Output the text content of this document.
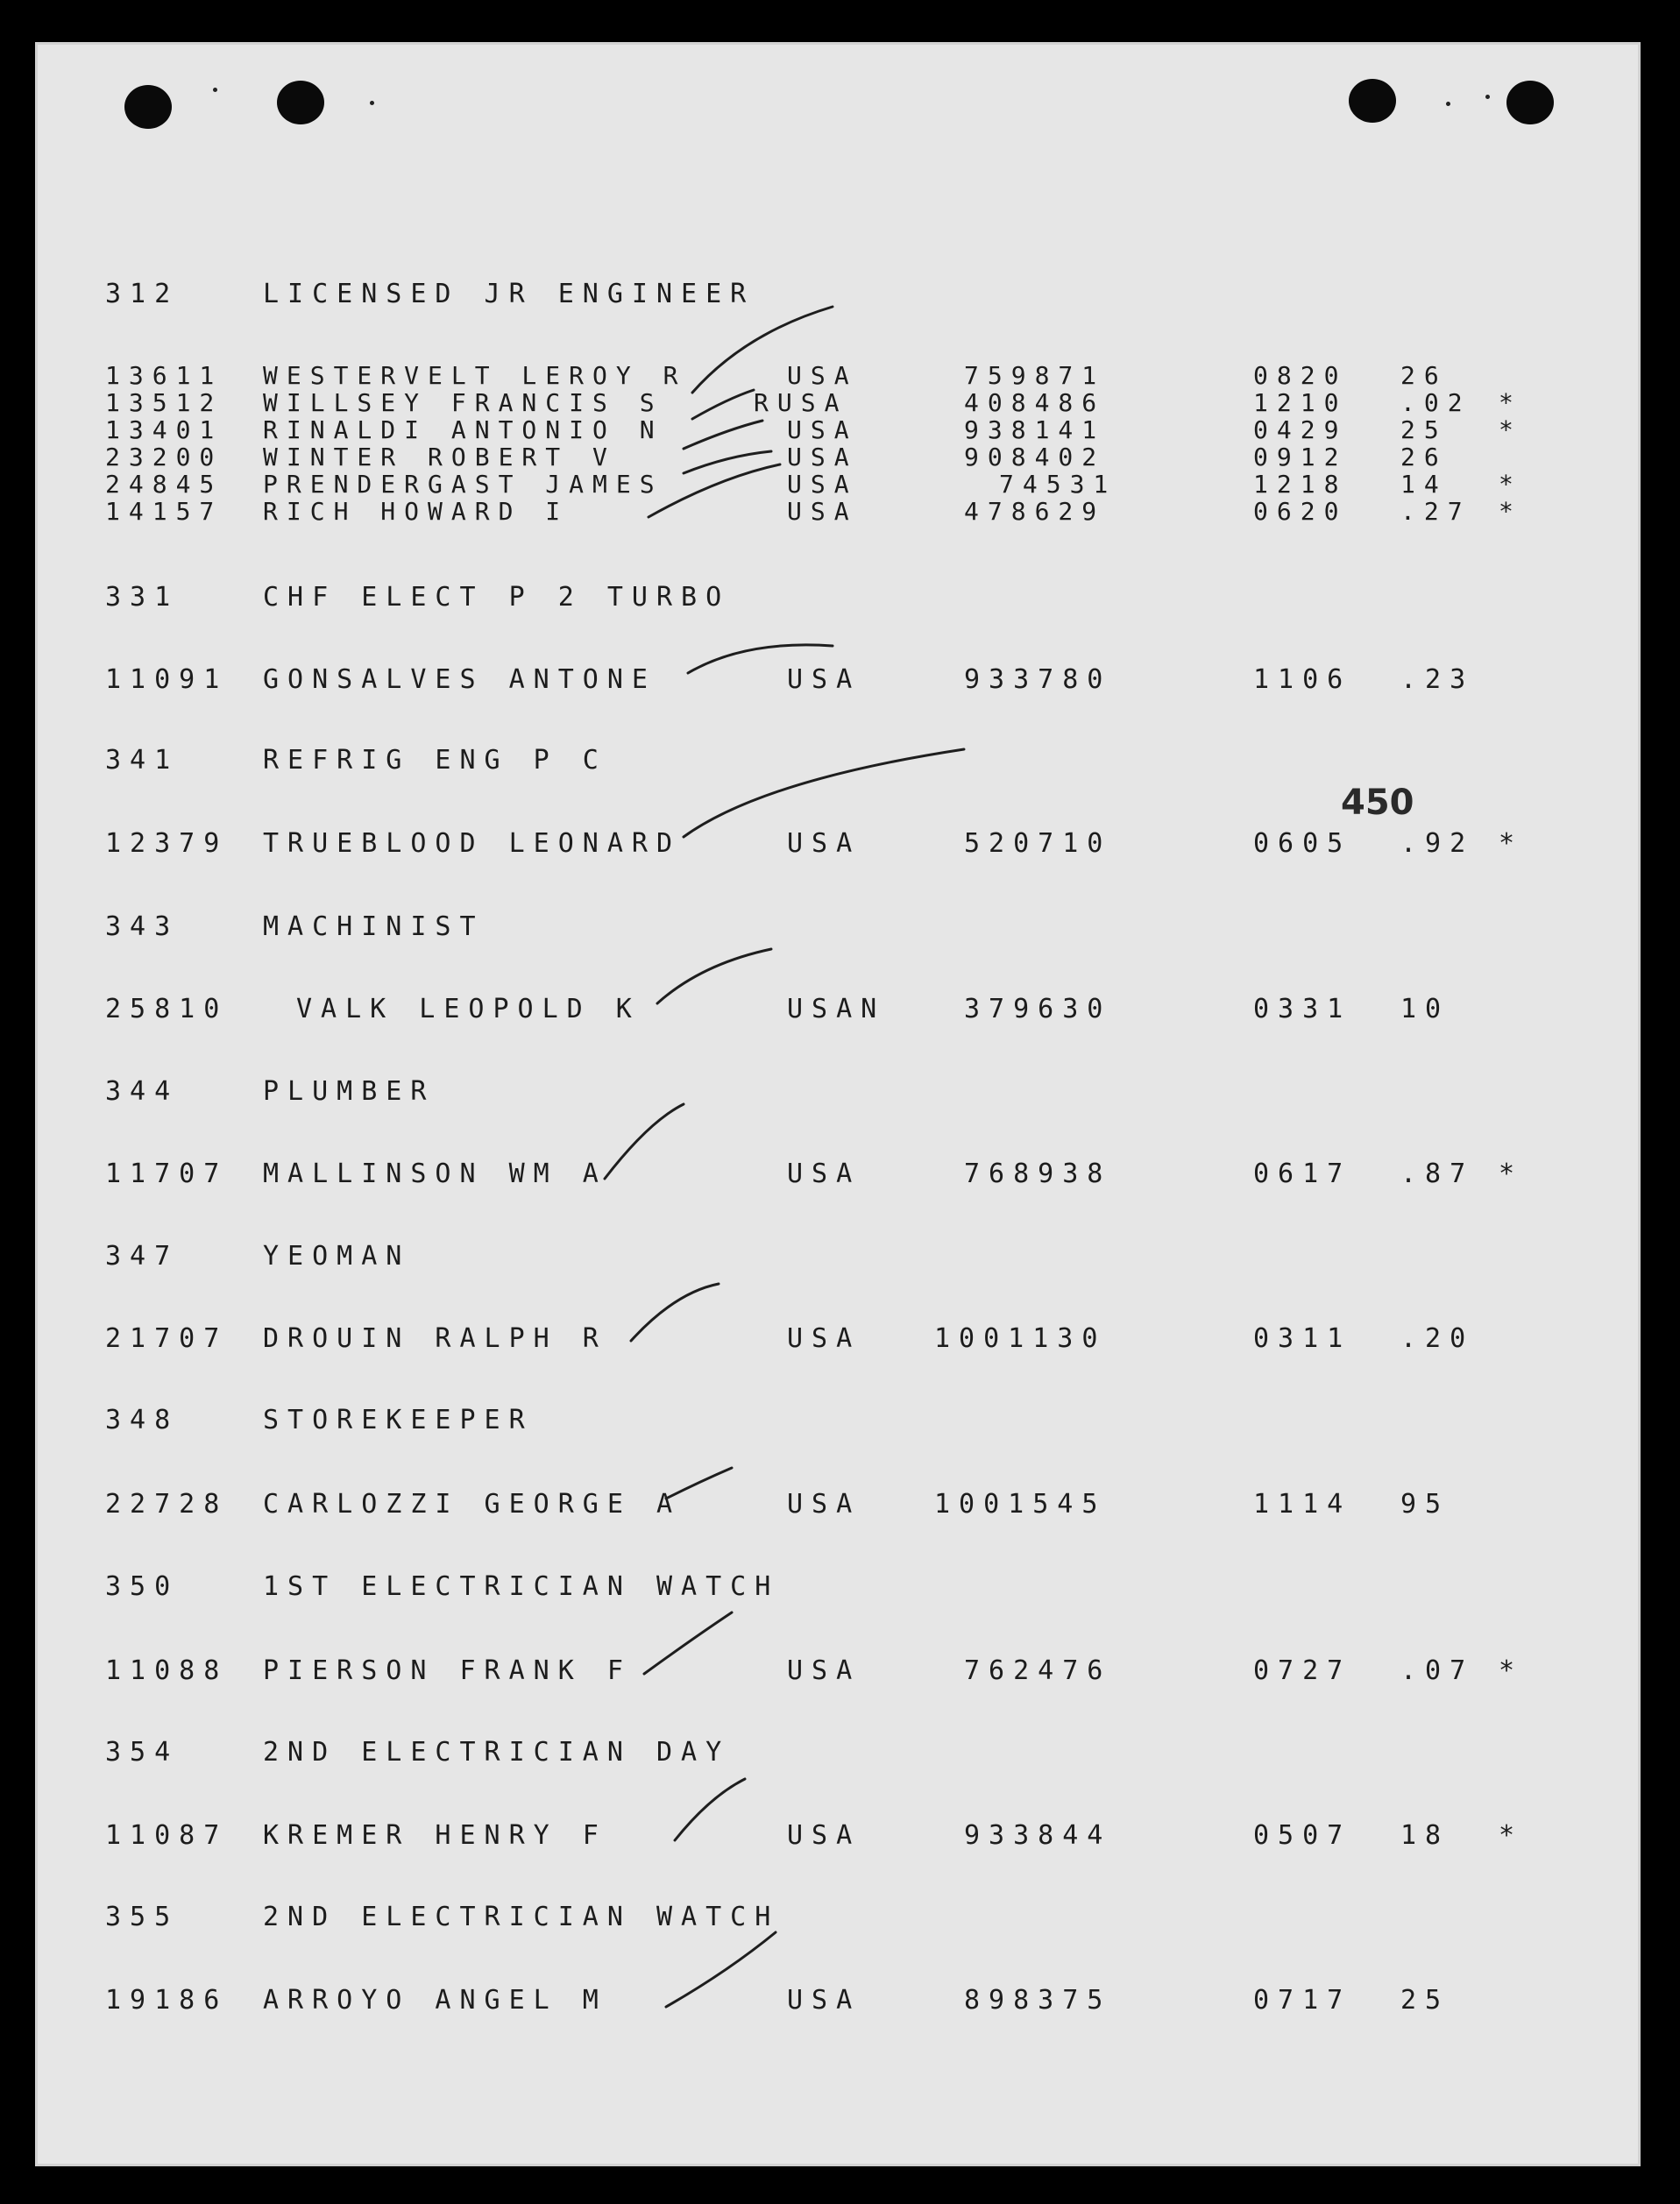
312	LICENSED JR ENGINEER
13611 WESTERVELT LEROY R	USA	759871	0820 26
13512 WILLSEY FRANCIS S	RUSA	408486	1210 .02 *
13401 RINALDI ANTONIO N	USA	938141	0429 25 *
23200 WINTER ROBERT V	USA	908402	0912 26
24845 PRENDERGAST JAMES	USA	74531	1218 14 *
14157 RICH HOWARD I	USA	478629	0620 .27 *
331	CHF ELECT P 2 TURBO
11091 GONSALVES ANTONE	USA	933780	1106 .23
341	REFRIG ENG P C
450
12379 TRUEBLOOD LEONARD	USA	520710	0605 .92 *
343	MACHINIST
25810	VALK LEOPOLD K	USAN	379630	0331 10
344	PLUMBER
11707 MALLINSON WM A	USA	768938	0617 .87 *
347	YEOMAN
21707 DROUIN RALPH R	USA	1001130	0311 .20
348	STOREKEEPER
22728 CARLOZZI GEORGE A	USA	1001545	1114 95
350	1ST ELECTRICIAN WATCH
11088 PIERSON FRANK F	USA	762476	0727 .07 *
354	2ND ELECTRICIAN DAY
11087 KREMER HENRY F	USA	933844	0507 18 *
355	2ND ELECTRICIAN WATCH
19186 ARROYO ANGEL M	USA	898375	0717 25
